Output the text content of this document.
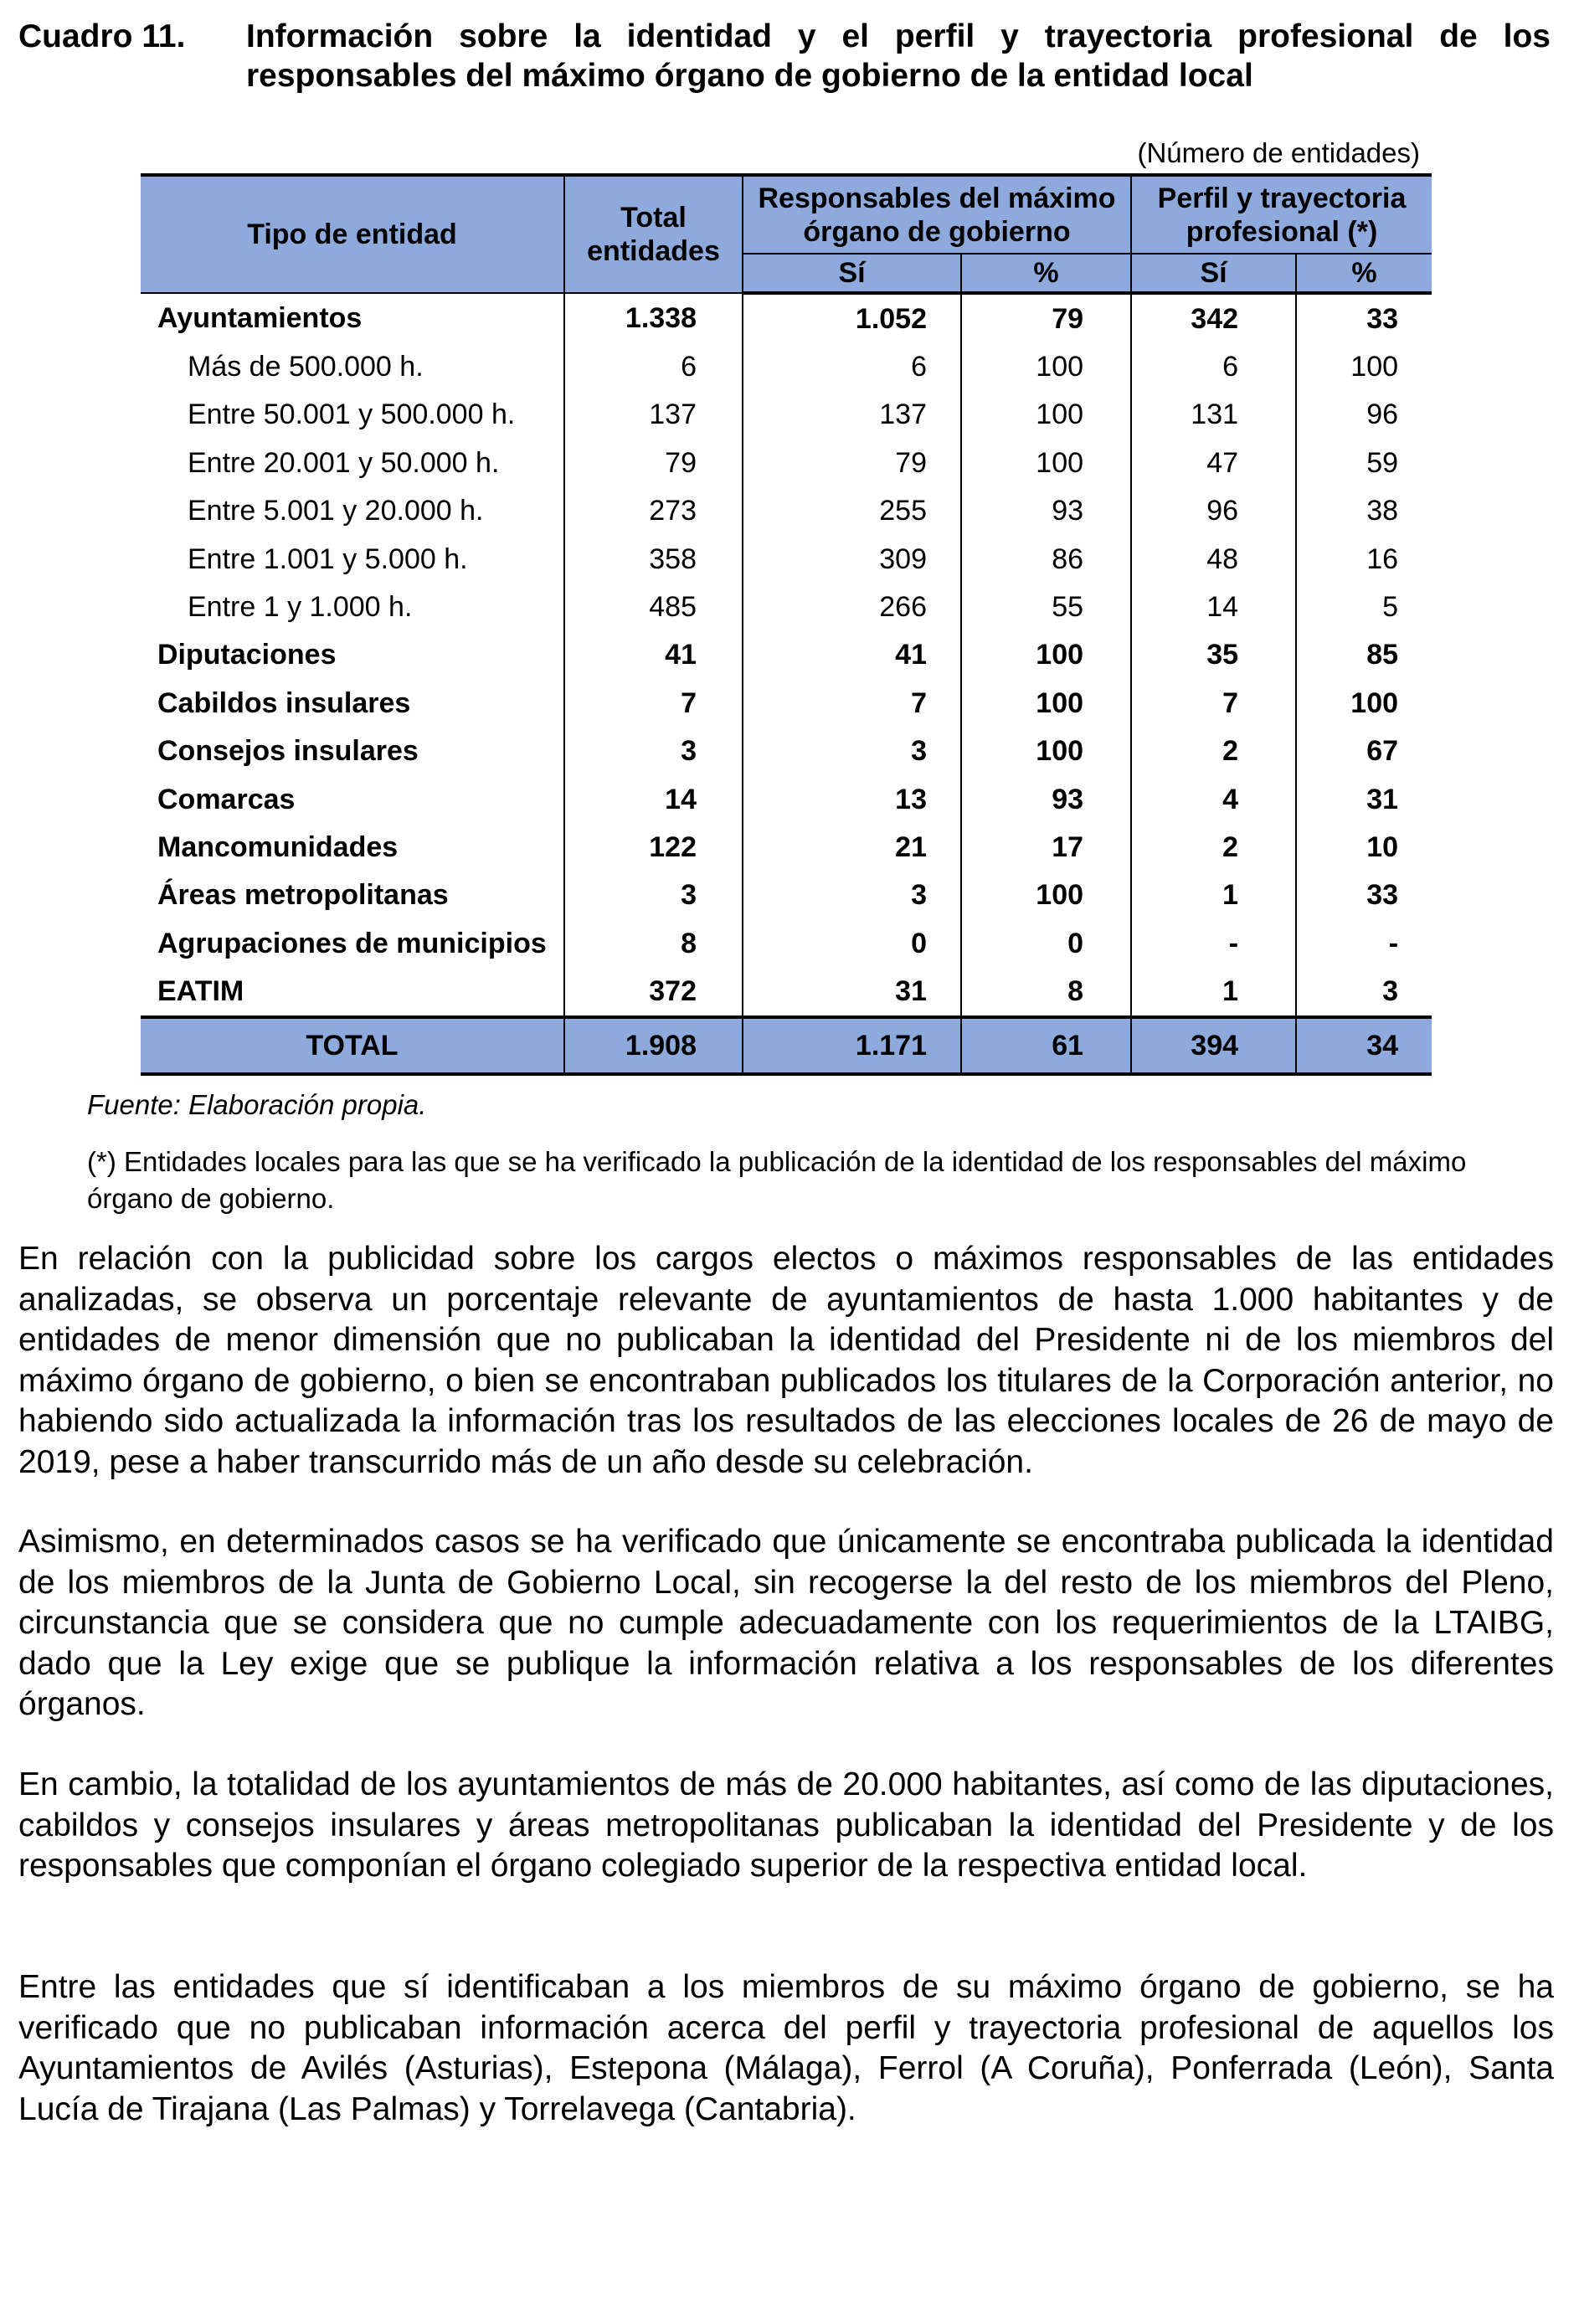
Cuadro 11. Información sobre la identidad y el perfil y trayectoria profesional de los responsables del máximo órgano de gobierno de la entidad local
(Número de entidades)
Tipo de entidad	Total entidades	Responsables del máximo órgano de gobierno		Perfil y trayectoria profesional (*)	
		Sí	%	Sí	%
Ayuntamientos	1.338	1.052	79	342	33
Más de 500.000 h.	6	6	100	6	100
Entre 50.001 y 500.000 h.	137	137	100	131	96
Entre 20.001 y 50.000 h.	79	79	100	47	59
Entre 5.001 y 20.000 h.	273	255	93	96	38
Entre 1.001 y 5.000 h.	358	309	86	48	16
Entre 1 y 1.000 h.	485	266	55	14	5
Diputaciones	41	41	100	35	85
Cabildos insulares	7	7	100	7	100
Consejos insulares	3	3	100	2	67
Comarcas	14	13	93	4	31
Mancomunidades	122	21	17	2	10
Áreas metropolitanas	3	3	100	1	33
Agrupaciones de municipios	8	0	0	-	-
EATIM	372	31	8	1	3
TOTAL	1.908	1.171	61	394	34
Fuente: Elaboración propia.
(*) Entidades locales para las que se ha verificado la publicación de la identidad de los responsables del máximo órgano de gobierno.

En relación con la publicidad sobre los cargos electos o máximos responsables de las entidades analizadas, se observa un porcentaje relevante de ayuntamientos de hasta 1.000 habitantes y de entidades de menor dimensión que no publicaban la identidad del Presidente ni de los miembros del máximo órgano de gobierno, o bien se encontraban publicados los titulares de la Corporación anterior, no habiendo sido actualizada la información tras los resultados de las elecciones locales de 26 de mayo de 2019, pese a haber transcurrido más de un año desde su celebración.

Asimismo, en determinados casos se ha verificado que únicamente se encontraba publicada la identidad de los miembros de la Junta de Gobierno Local, sin recogerse la del resto de los miembros del Pleno, circunstancia que se considera que no cumple adecuadamente con los requerimientos de la LTAIBG, dado que la Ley exige que se publique la información relativa a los responsables de los diferentes órganos.

En cambio, la totalidad de los ayuntamientos de más de 20.000 habitantes, así como de las diputaciones, cabildos y consejos insulares y áreas metropolitanas publicaban la identidad del Presidente y de los responsables que componían el órgano colegiado superior de la respectiva entidad local.

Entre las entidades que sí identificaban a los miembros de su máximo órgano de gobierno, se ha verificado que no publicaban información acerca del perfil y trayectoria profesional de aquellos los Ayuntamientos de Avilés (Asturias), Estepona (Málaga), Ferrol (A Coruña), Ponferrada (León), Santa Lucía de Tirajana (Las Palmas) y Torrelavega (Cantabria).
